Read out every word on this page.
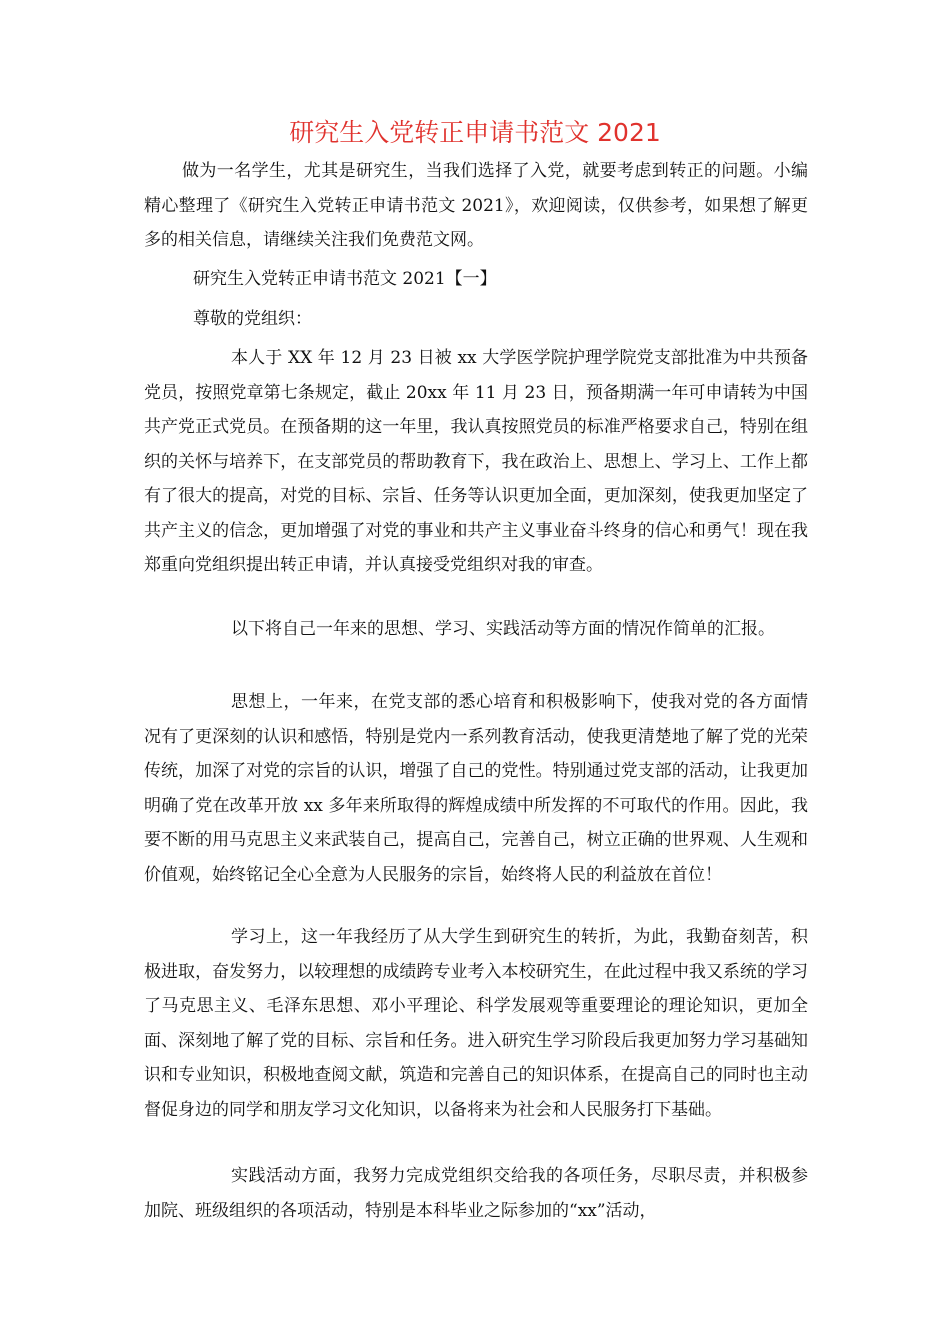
研究生入党转正申请书范文 2021
做为一名学生，尤其是研究生，当我们选择了入党，就要考虑到转正的问题。小编精心整理了《研究生入党转正申请书范文 2021》，欢迎阅读，仅供参考，如果想了解更多的相关信息，请继续关注我们免费范文网。
研究生入党转正申请书范文 2021【一】
尊敬的党组织：
本人于 XX 年 12 月 23 日被 xx 大学医学院护理学院党支部批准为中共预备党员，按照党章第七条规定，截止 20xx 年 11 月 23 日，预备期满一年可申请转为中国共产党正式党员。在预备期的这一年里，我认真按照党员的标准严格要求自己，特别在组织的关怀与培养下，在支部党员的帮助教育下，我在政治上、思想上、学习上、工作上都有了很大的提高，对党的目标、宗旨、任务等认识更加全面，更加深刻，使我更加坚定了共产主义的信念，更加增强了对党的事业和共产主义事业奋斗终身的信心和勇气！现在我郑重向党组织提出转正申请，并认真接受党组织对我的审查。
以下将自己一年来的思想、学习、实践活动等方面的情况作简单的汇报。
思想上，一年来，在党支部的悉心培育和积极影响下，使我对党的各方面情况有了更深刻的认识和感悟，特别是党内一系列教育活动，使我更清楚地了解了党的光荣传统，加深了对党的宗旨的认识，增强了自己的党性。特别通过党支部的活动，让我更加明确了党在改革开放 xx 多年来所取得的辉煌成绩中所发挥的不可取代的作用。因此，我要不断的用马克思主义来武装自己，提高自己，完善自己，树立正确的世界观、人生观和价值观，始终铭记全心全意为人民服务的宗旨，始终将人民的利益放在首位！
学习上，这一年我经历了从大学生到研究生的转折，为此，我勤奋刻苦，积极进取，奋发努力，以较理想的成绩跨专业考入本校研究生，在此过程中我又系统的学习了马克思主义、毛泽东思想、邓小平理论、科学发展观等重要理论的理论知识，更加全面、深刻地了解了党的目标、宗旨和任务。进入研究生学习阶段后我更加努力学习基础知识和专业知识，积极地查阅文献，筑造和完善自己的知识体系，在提高自己的同时也主动督促身边的同学和朋友学习文化知识，以备将来为社会和人民服务打下基础。
实践活动方面，我努力完成党组织交给我的各项任务，尽职尽责，并积极参加院、班级组织的各项活动，特别是本科毕业之际参加的“xx”活动，
